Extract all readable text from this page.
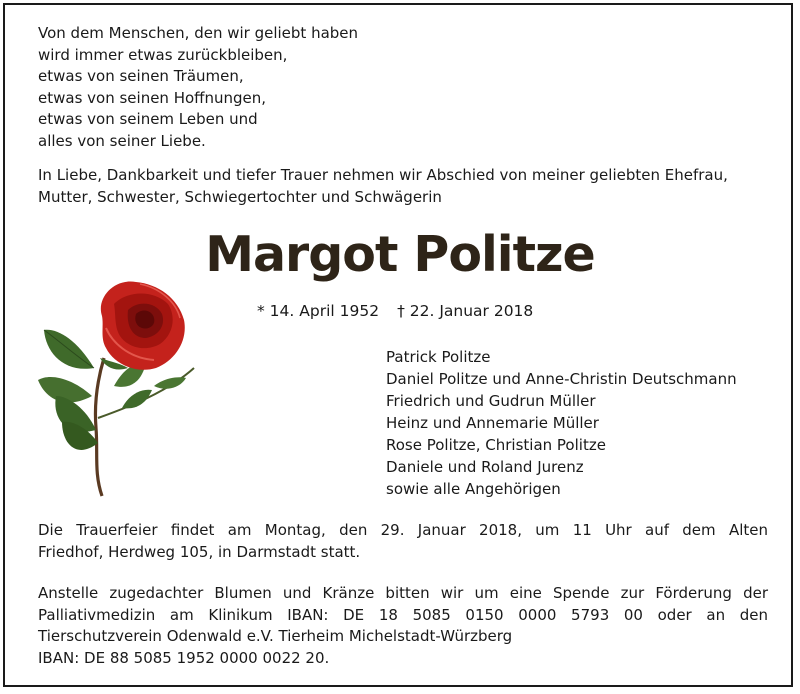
Von dem Menschen, den wir geliebt haben
wird immer etwas zurückbleiben,
etwas von seinen Träumen,
etwas von seinen Hoffnungen,
etwas von seinem Leben und
alles von seiner Liebe.
In Liebe, Dankbarkeit und tiefer Trauer nehmen wir Abschied von meiner geliebten Ehefrau,
Mutter, Schwester, Schwiegertochter und Schwägerin
Margot Politze
* 14. April 1952 † 22. Januar 2018
Patrick Politze
Daniel Politze und Anne-Christin Deutschmann
Friedrich und Gudrun Müller
Heinz und Annemarie Müller
Rose Politze, Christian Politze
Daniele und Roland Jurenz
sowie alle Angehörigen
Die Trauerfeier findet am Montag, den 29. Januar 2018, um 11 Uhr auf dem Alten
Friedhof, Herdweg 105, in Darmstadt statt.
Anstelle zugedachter Blumen und Kränze bitten wir um eine Spende zur Förderung der
Palliativmedizin am Klinikum IBAN: DE 18 5085 0150 0000 5793 00 oder an den
Tierschutzverein Odenwald e.V. Tierheim Michelstadt-Würzberg
IBAN: DE 88 5085 1952 0000 0022 20.
